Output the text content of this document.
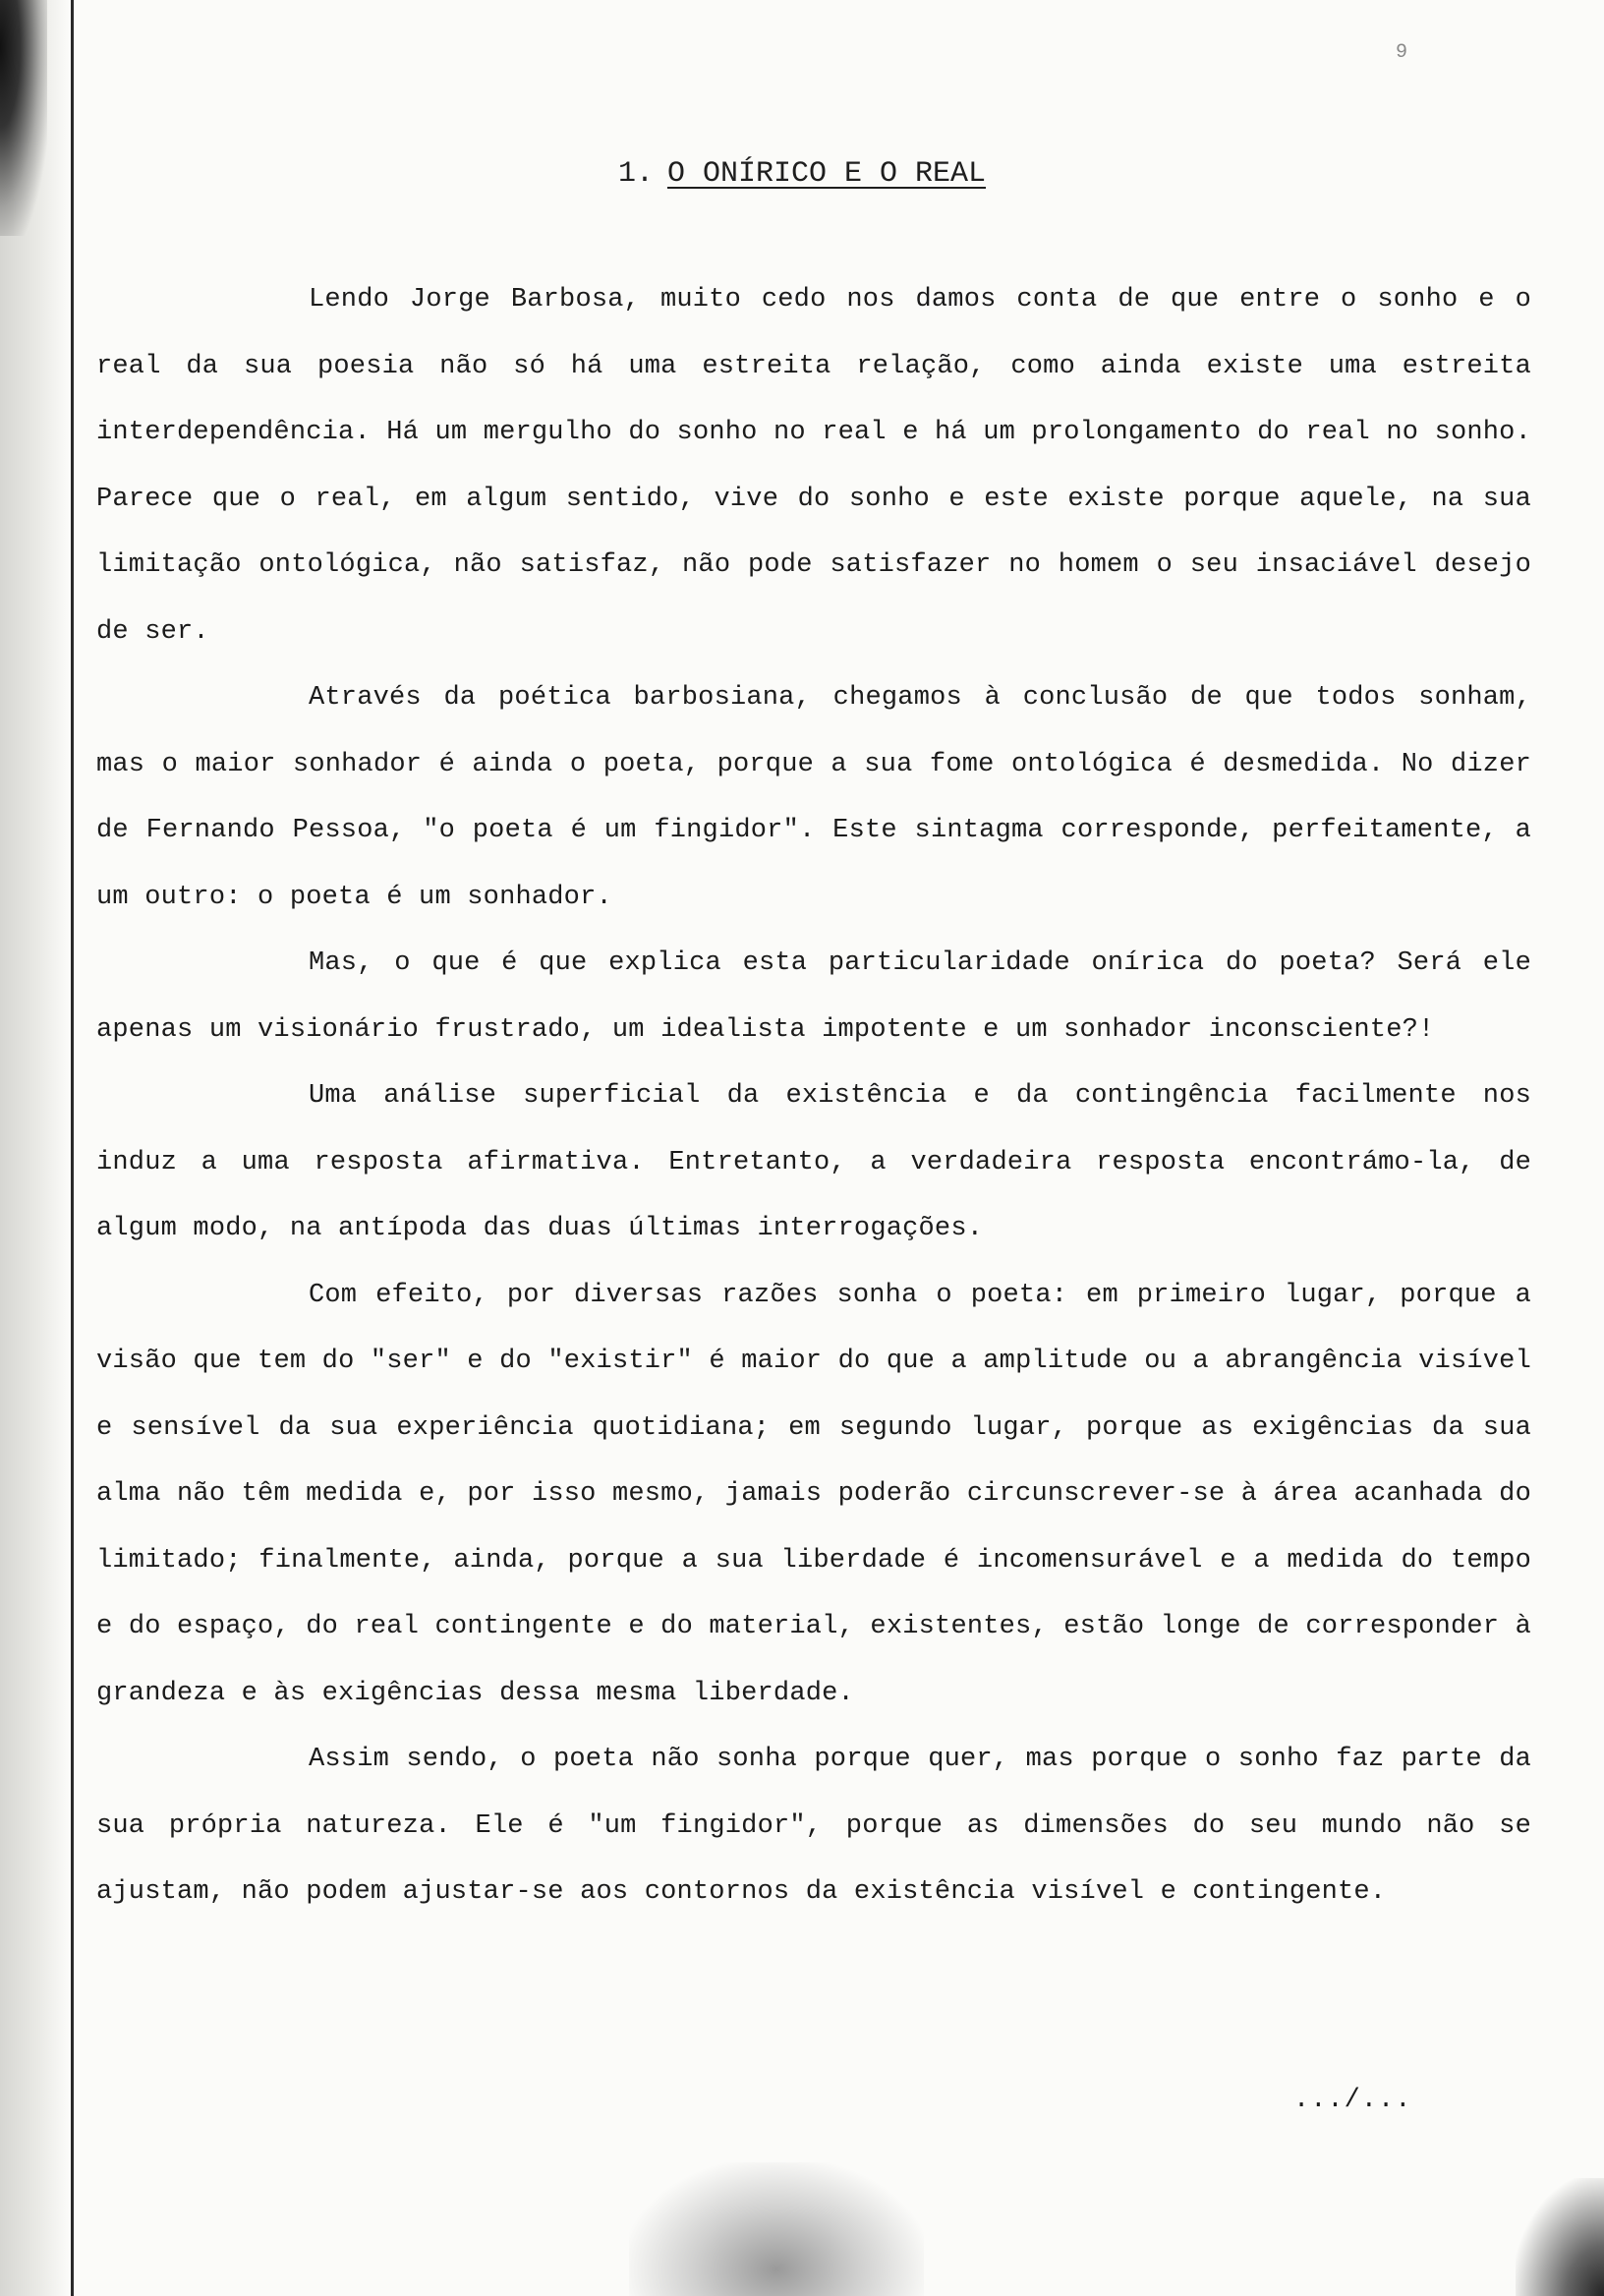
9
1. O ONÍRICO E O REAL

Lendo Jorge Barbosa, muito cedo nos damos conta de que entre o sonho e o real da sua poesia não só há uma estreita relação, como ainda existe uma estreita interdependência. Há um mergulho do sonho no real e há um prolongamento do real no sonho. Parece que o real, em algum sentido, vive do sonho e este existe porque aquele, na sua limitação ontológica, não satisfaz, não pode satisfazer no homem o seu insaciável desejo de ser.

Através da poética barbosiana, chegamos à conclusão de que todos sonham, mas o maior sonhador é ainda o poeta, porque a sua fome ontológica é desmedida. No dizer de Fernando Pessoa, "o poeta é um fingidor". Este sintagma corresponde, perfeitamente, a um outro: o poeta é um sonhador.

Mas, o que é que explica esta particularidade onírica do poeta? Será ele apenas um visionário frustrado, um idealista impotente e um sonhador inconsciente?!

Uma análise superficial da existência e da contingência facilmente nos induz a uma resposta afirmativa. Entretanto, a verdadeira resposta encontrámo-la, de algum modo, na antípoda das duas últimas interrogações.

Com efeito, por diversas razões sonha o poeta: em primeiro lugar, porque a visão que tem do "ser" e do "existir" é maior do que a amplitude ou a abrangência visível e sensível da sua experiência quotidiana; em segundo lugar, porque as exigências da sua alma não têm medida e, por isso mesmo, jamais poderão circunscrever-se à área acanhada do limitado; finalmente, ainda, porque a sua liberdade é incomensurável e a medida do tempo e do espaço, do real contingente e do material, existentes, estão longe de corresponder à grandeza e às exigências dessa mesma liberdade.

Assim sendo, o poeta não sonha porque quer, mas porque o sonho faz parte da sua própria natureza. Ele é "um fingidor", porque as dimensões do seu mundo não se ajustam, não podem ajustar-se aos contornos da existência visível e contingente.

.../...
